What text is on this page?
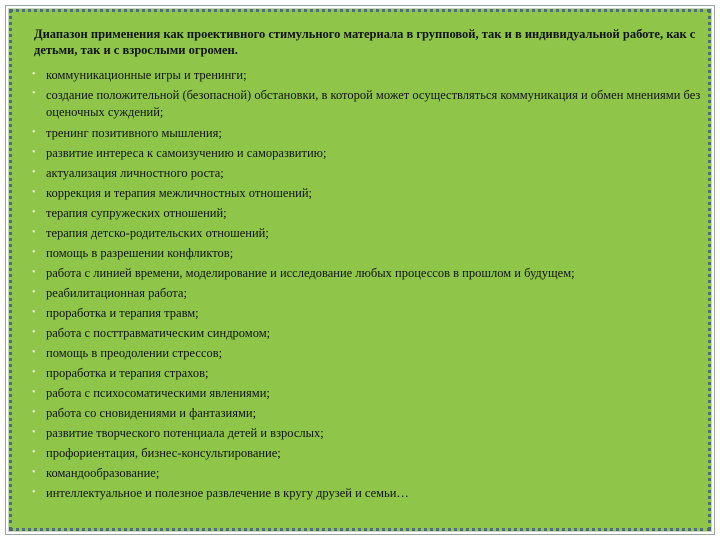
Диапазон применения как проективного стимульного материала в групповой, так и в индивидуальной работе, как с детьми, так и с взрослыми огромен.

• коммуникационные игры и тренинги;
• создание положительной (безопасной) обстановки, в которой может осуществляться коммуникация и обмен мнениями без оценочных суждений;
• тренинг позитивного мышления;
• развитие интереса к самоизучению и саморазвитию;
• актуализация личностного роста;
• коррекция и терапия межличностных отношений;
• терапия супружеских отношений;
• терапия детско-родительских отношений;
• помощь в разрешении конфликтов;
• работа с линией времени, моделирование и исследование любых процессов в прошлом и будущем;
• реабилитационная работа;
• проработка и терапия травм;
• работа с посттравматическим синдромом;
• помощь в преодолении стрессов;
• проработка и терапия страхов;
• работа с психосоматическими явлениями;
• работа со сновидениями и фантазиями;
• развитие творческого потенциала детей и взрослых;
• профориентация, бизнес-консультирование;
• командообразование;
• интеллектуальное и полезное развлечение в кругу друзей и семьи…
